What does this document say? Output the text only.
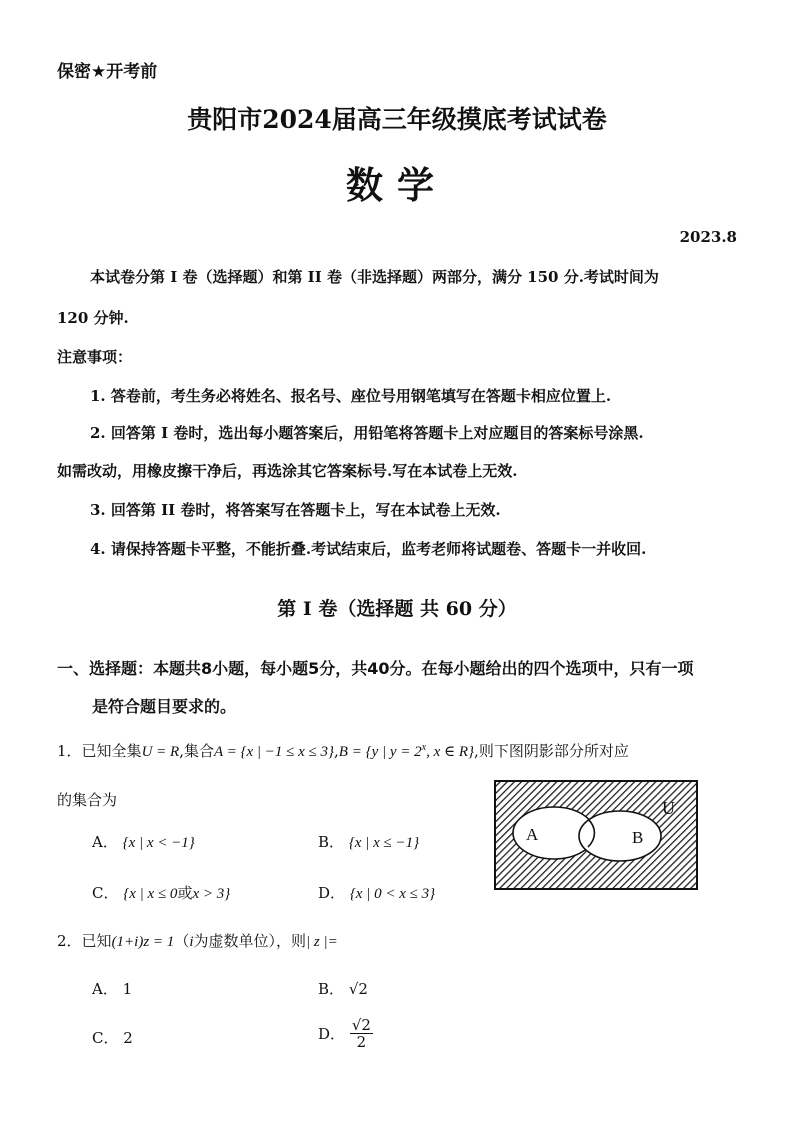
保密★开考前
贵阳市2024届高三年级摸底考试试卷
数学
2023.8
本试卷分第 I 卷（选择题）和第 II 卷（非选择题）两部分，满分 150 分.考试时间为
120 分钟.
注意事项：
1. 答卷前，考生务必将姓名、报名号、座位号用钢笔填写在答题卡相应位置上.
2. 回答第 I 卷时，选出每小题答案后，用铅笔将答题卡上对应题目的答案标号涂黑.
如需改动，用橡皮擦干净后，再选涂其它答案标号.写在本试卷上无效.
3. 回答第 II 卷时，将答案写在答题卡上，写在本试卷上无效.
4. 请保持答题卡平整，不能折叠.考试结束后，监考老师将试题卷、答题卡一并收回.
第 I 卷（选择题 共 60 分）
一、选择题：本题共8小题，每小题5分，共40分。在每小题给出的四个选项中，只有一项
是符合题目要求的。
1．已知全集U = R,集合A = {x | −1 ≤ x ≤ 3},B = {y | $y = 2^x$, x ∈ R},则下图阴影部分所对应
的集合为
A． {x | x < −1}	B． {x | x ≤ −1}
C． {x | x ≤ 0或x > 3}	D． {x | 0 < x ≤ 3}
U
A	B
2．已知(1+i)z = 1（i为虚数单位），则| z |=
A． 1	B． √2
C． 2	D． $\frac{√2}{2}$
